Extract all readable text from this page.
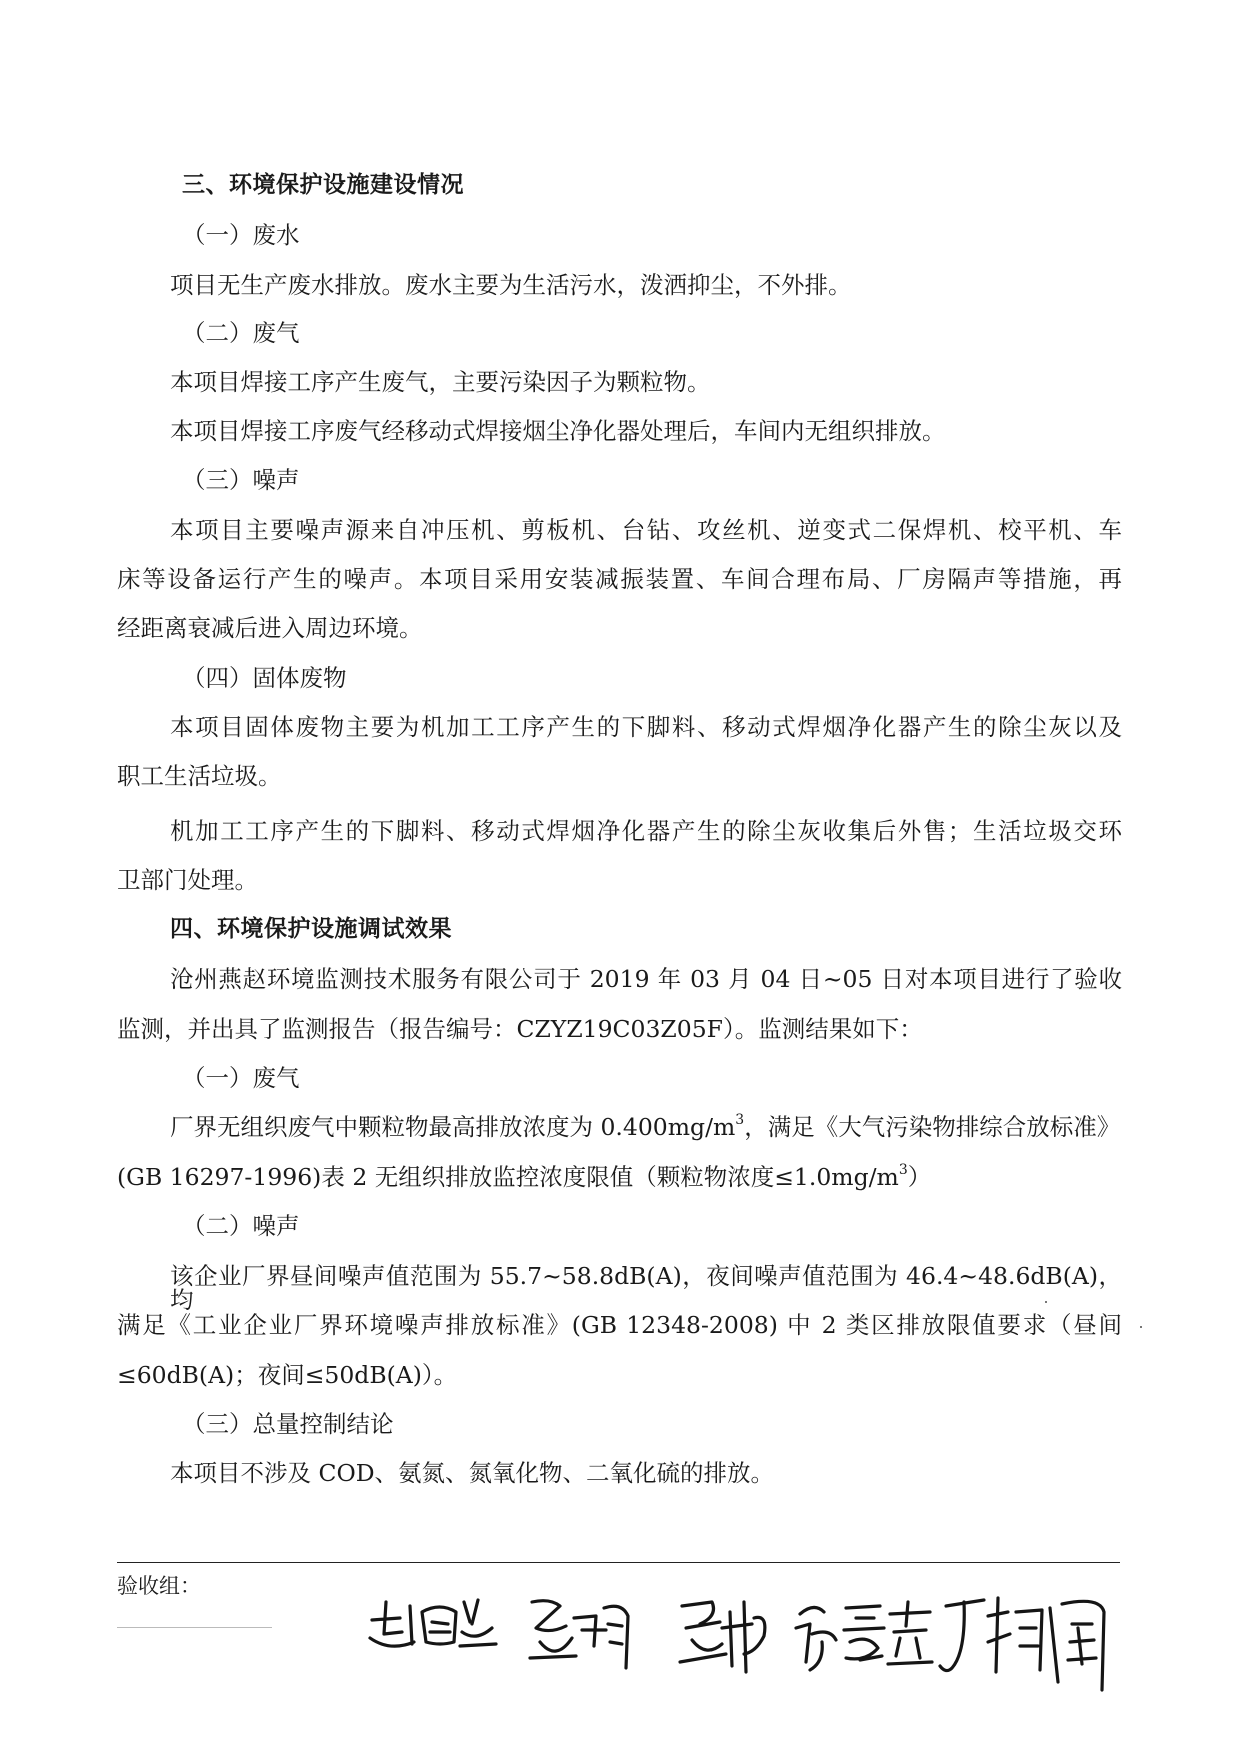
三、环境保护设施建设情况
（一）废水
项目无生产废水排放。废水主要为生活污水，泼洒抑尘，不外排。
（二）废气
本项目焊接工序产生废气，主要污染因子为颗粒物。
本项目焊接工序废气经移动式焊接烟尘净化器处理后，车间内无组织排放。
（三）噪声
本项目主要噪声源来自冲压机、剪板机、台钻、攻丝机、逆变式二保焊机、校平机、车
床等设备运行产生的噪声。本项目采用安装减振装置、车间合理布局、厂房隔声等措施，再
经距离衰减后进入周边环境。
（四）固体废物
本项目固体废物主要为机加工工序产生的下脚料、移动式焊烟净化器产生的除尘灰以及
职工生活垃圾。
机加工工序产生的下脚料、移动式焊烟净化器产生的除尘灰收集后外售；生活垃圾交环
卫部门处理。
四、环境保护设施调试效果
沧州燕赵环境监测技术服务有限公司于 2019 年 03 月 04 日~05 日对本项目进行了验收
监测，并出具了监测报告（报告编号：CZYZ19C03Z05F）。监测结果如下：
（一）废气
厂界无组织废气中颗粒物最高排放浓度为 $0.400mg/m^3$，满足《大气污染物排综合放标准》
(GB 16297-1996)表 2 无组织排放监控浓度限值（颗粒物浓度$\le 1.0mg/m^3$）
（二）噪声
该企业厂界昼间噪声值范围为 55.7~58.8dB(A)，夜间噪声值范围为 46.4~48.6dB(A)，均
满足《工业企业厂界环境噪声排放标准》(GB 12348-2008) 中 2 类区排放限值要求（昼间
≤60dB(A)；夜间≤50dB(A)）。
（三）总量控制结论
本项目不涉及 COD、氨氮、氮氧化物、二氧化硫的排放。
验收组：
